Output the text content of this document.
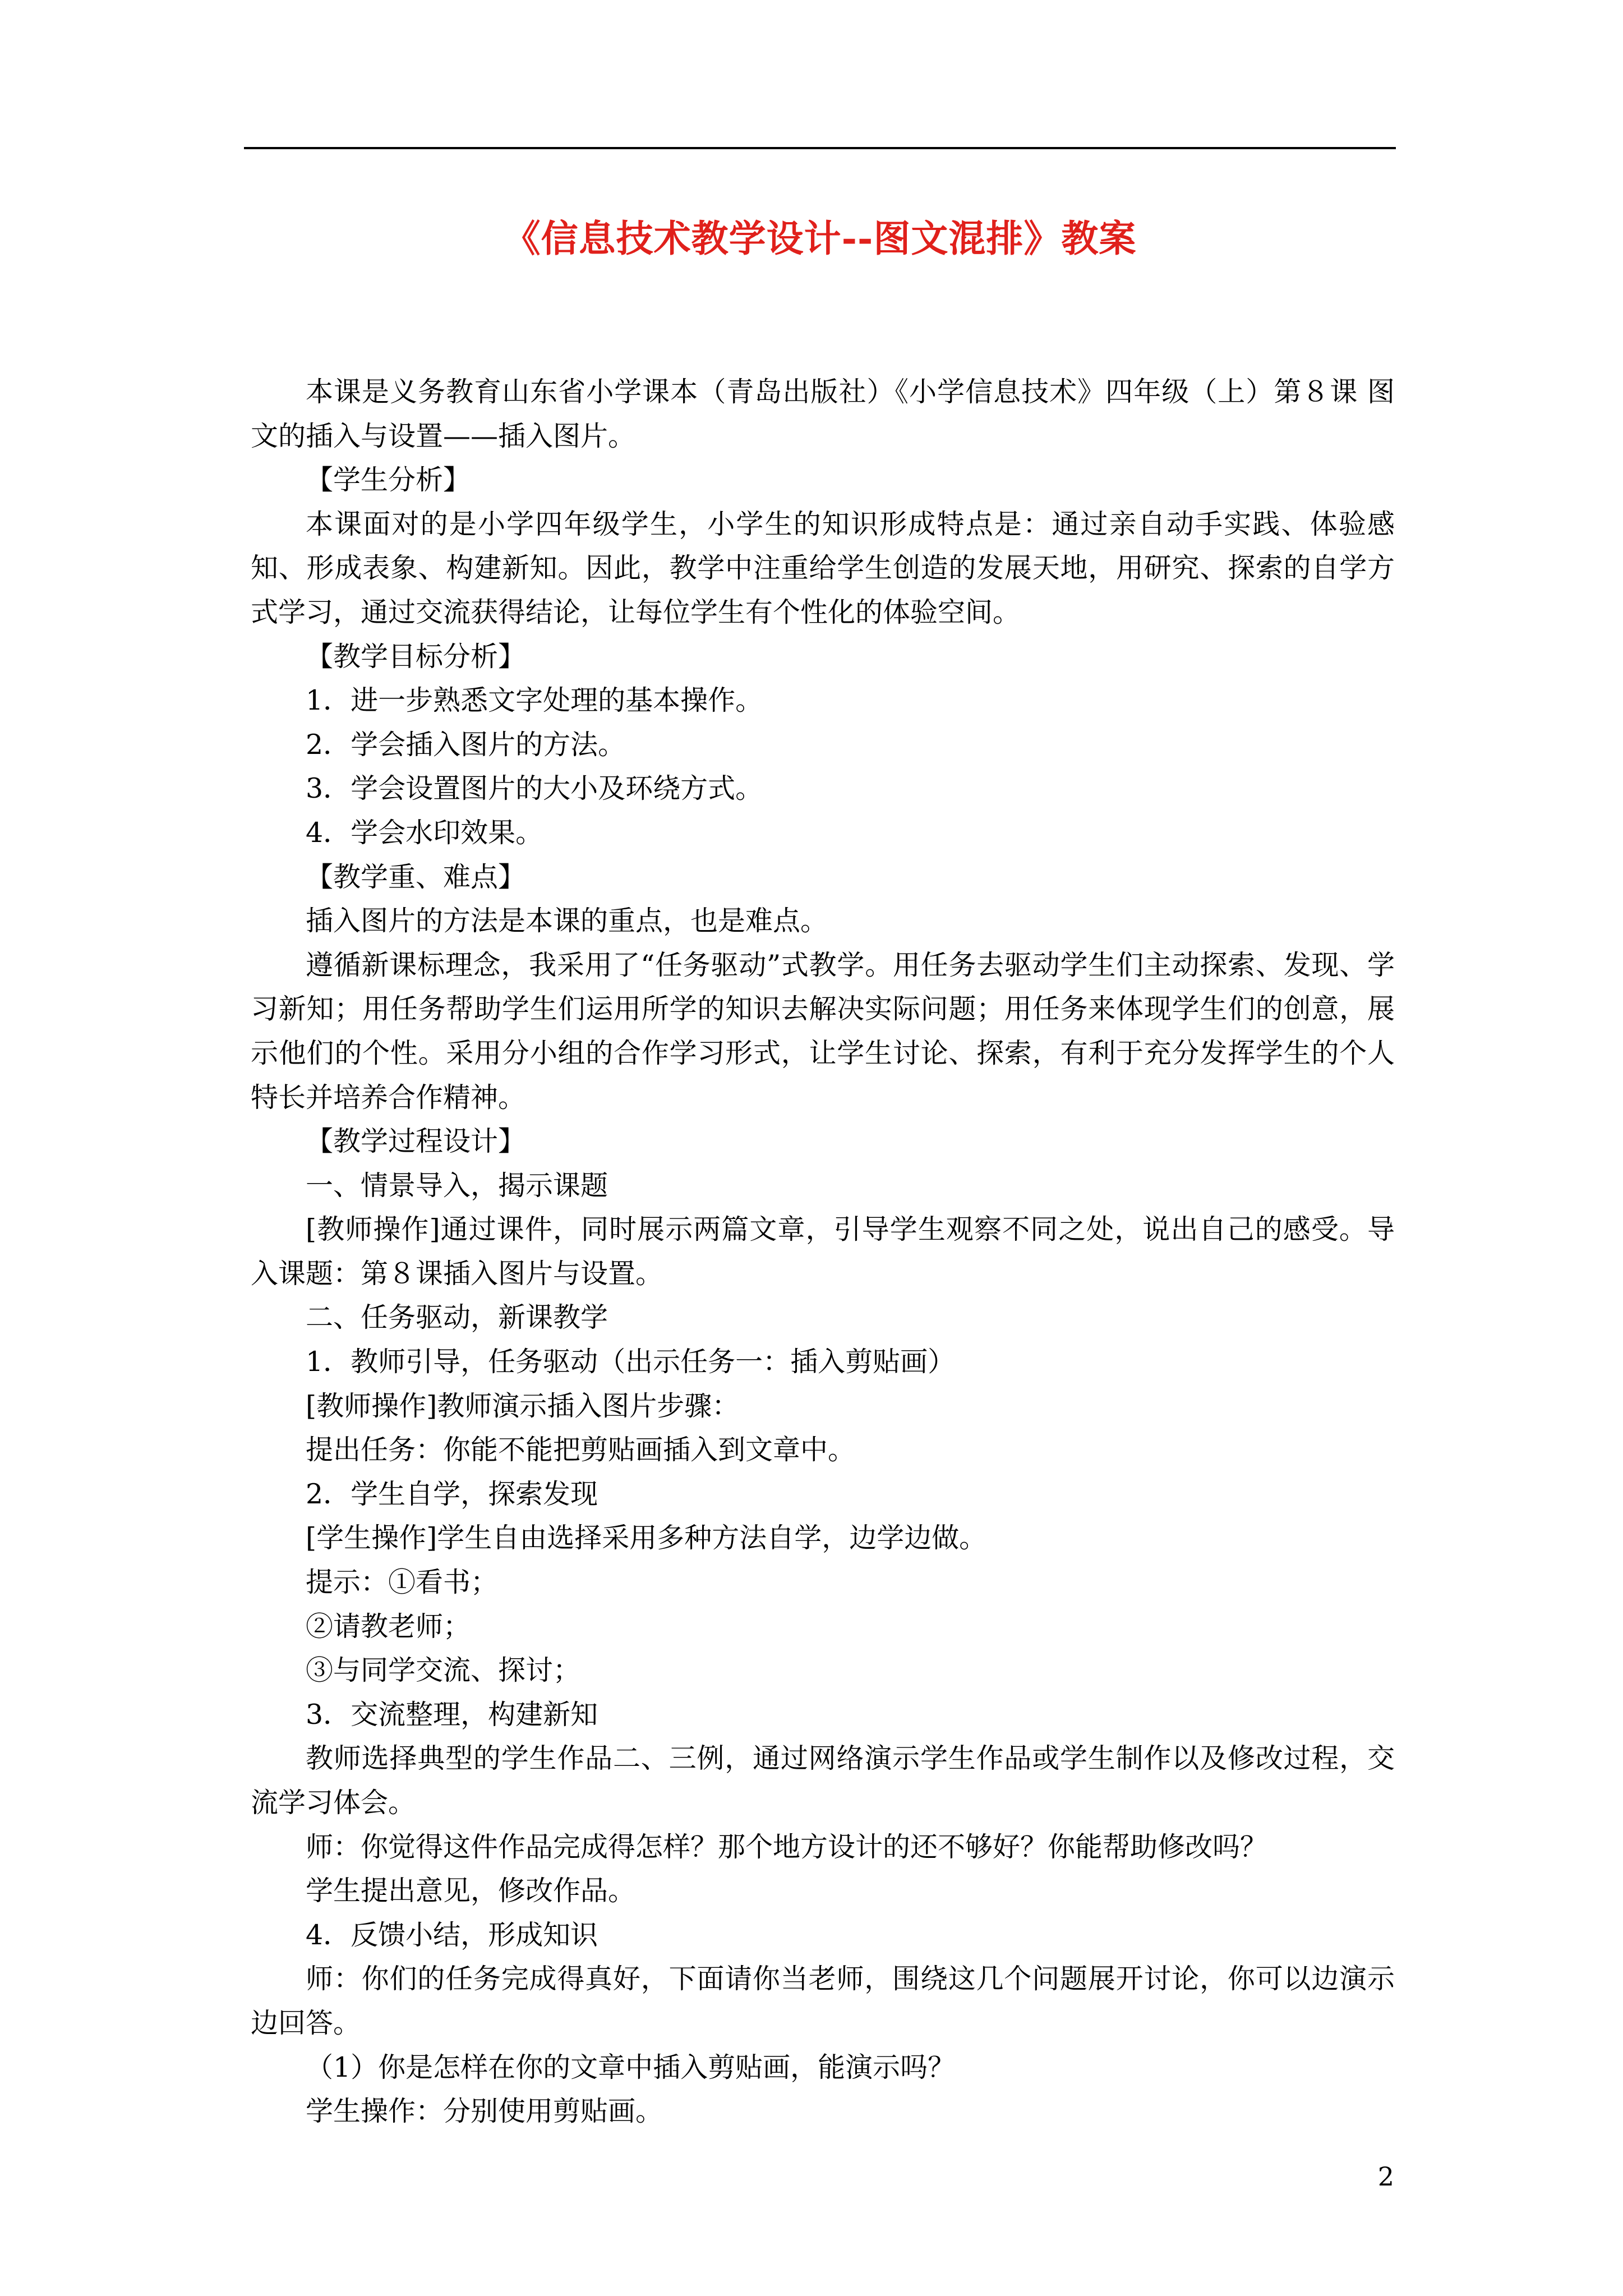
《信息技术教学设计--图文混排》教案

本课是义务教育山东省小学课本（青岛出版社）《小学信息技术》四年级（上）第８课 图文的插入与设置——插入图片。

【学生分析】

本课面对的是小学四年级学生，小学生的知识形成特点是：通过亲自动手实践、体验感知、形成表象、构建新知。因此，教学中注重给学生创造的发展天地，用研究、探索的自学方式学习，通过交流获得结论，让每位学生有个性化的体验空间。

【教学目标分析】

1．进一步熟悉文字处理的基本操作。

2．学会插入图片的方法。

3．学会设置图片的大小及环绕方式。

4．学会水印效果。

【教学重、难点】

插入图片的方法是本课的重点，也是难点。

遵循新课标理念，我采用了“任务驱动”式教学。用任务去驱动学生们主动探索、发现、学习新知；用任务帮助学生们运用所学的知识去解决实际问题；用任务来体现学生们的创意，展示他们的个性。采用分小组的合作学习形式，让学生讨论、探索，有利于充分发挥学生的个人特长并培养合作精神。

【教学过程设计】

一、情景导入，揭示课题

[教师操作]通过课件，同时展示两篇文章，引导学生观察不同之处，说出自己的感受。导入课题：第８课插入图片与设置。

二、任务驱动，新课教学

1．教师引导，任务驱动（出示任务一：插入剪贴画）

[教师操作]教师演示插入图片步骤：

提出任务：你能不能把剪贴画插入到文章中。

2．学生自学，探索发现

[学生操作]学生自由选择采用多种方法自学，边学边做。

提示：①看书；

②请教老师；

③与同学交流、探讨；

3．交流整理，构建新知

教师选择典型的学生作品二、三例，通过网络演示学生作品或学生制作以及修改过程，交流学习体会。

师：你觉得这件作品完成得怎样？那个地方设计的还不够好？你能帮助修改吗？

学生提出意见，修改作品。

4．反馈小结，形成知识

师：你们的任务完成得真好，下面请你当老师，围绕这几个问题展开讨论，你可以边演示边回答。

（1）你是怎样在你的文章中插入剪贴画，能演示吗？

学生操作：分别使用剪贴画。

2
